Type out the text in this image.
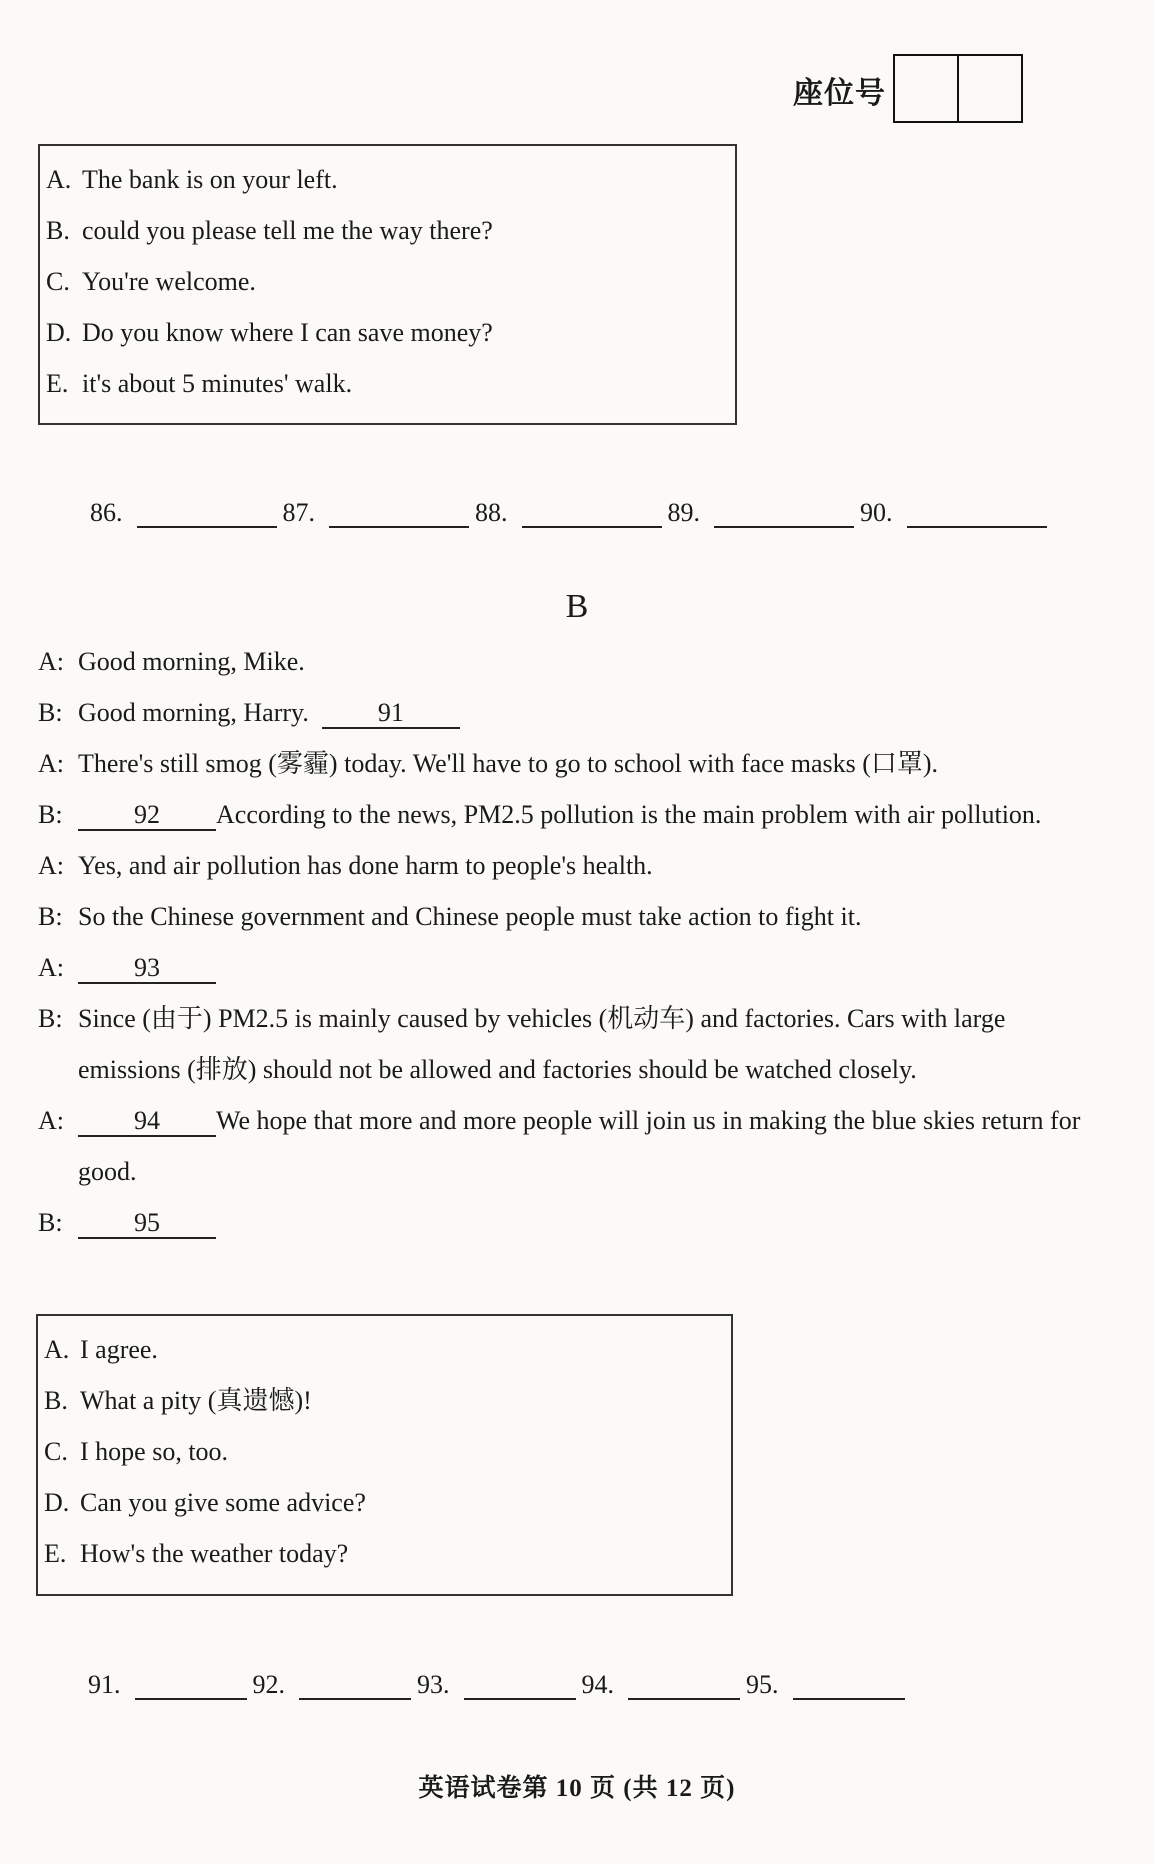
座位号
A. The bank is on your left.
B. could you please tell me the way there?
C. You're welcome.
D. Do you know where I can save money?
E. it's about 5 minutes' walk.
86.	87.	88.	89.	90.
B
A: Good morning, Mike.
B: Good morning, Harry.	91
A: There's still smog (雾霾) today. We'll have to go to school with face masks (口罩).
B:	92 According to the news, PM2.5 pollution is the main problem with air pollution.
A: Yes, and air pollution has done harm to people's health.
B: So the Chinese government and Chinese people must take action to fight it.
A:	93
B: Since (由于) PM2.5 is mainly caused by vehicles (机动车) and factories. Cars with large
emissions (排放) should not be allowed and factories should be watched closely.
A:	94 We hope that more and more people will join us in making the blue skies return for
good.
B:	95
A. I agree.
B. What a pity (真遗憾)!
C. I hope so, too.
D. Can you give some advice?
E. How's the weather today?
91.	92.	93.	94.	95.
英语试卷第 10 页 (共 12 页)
